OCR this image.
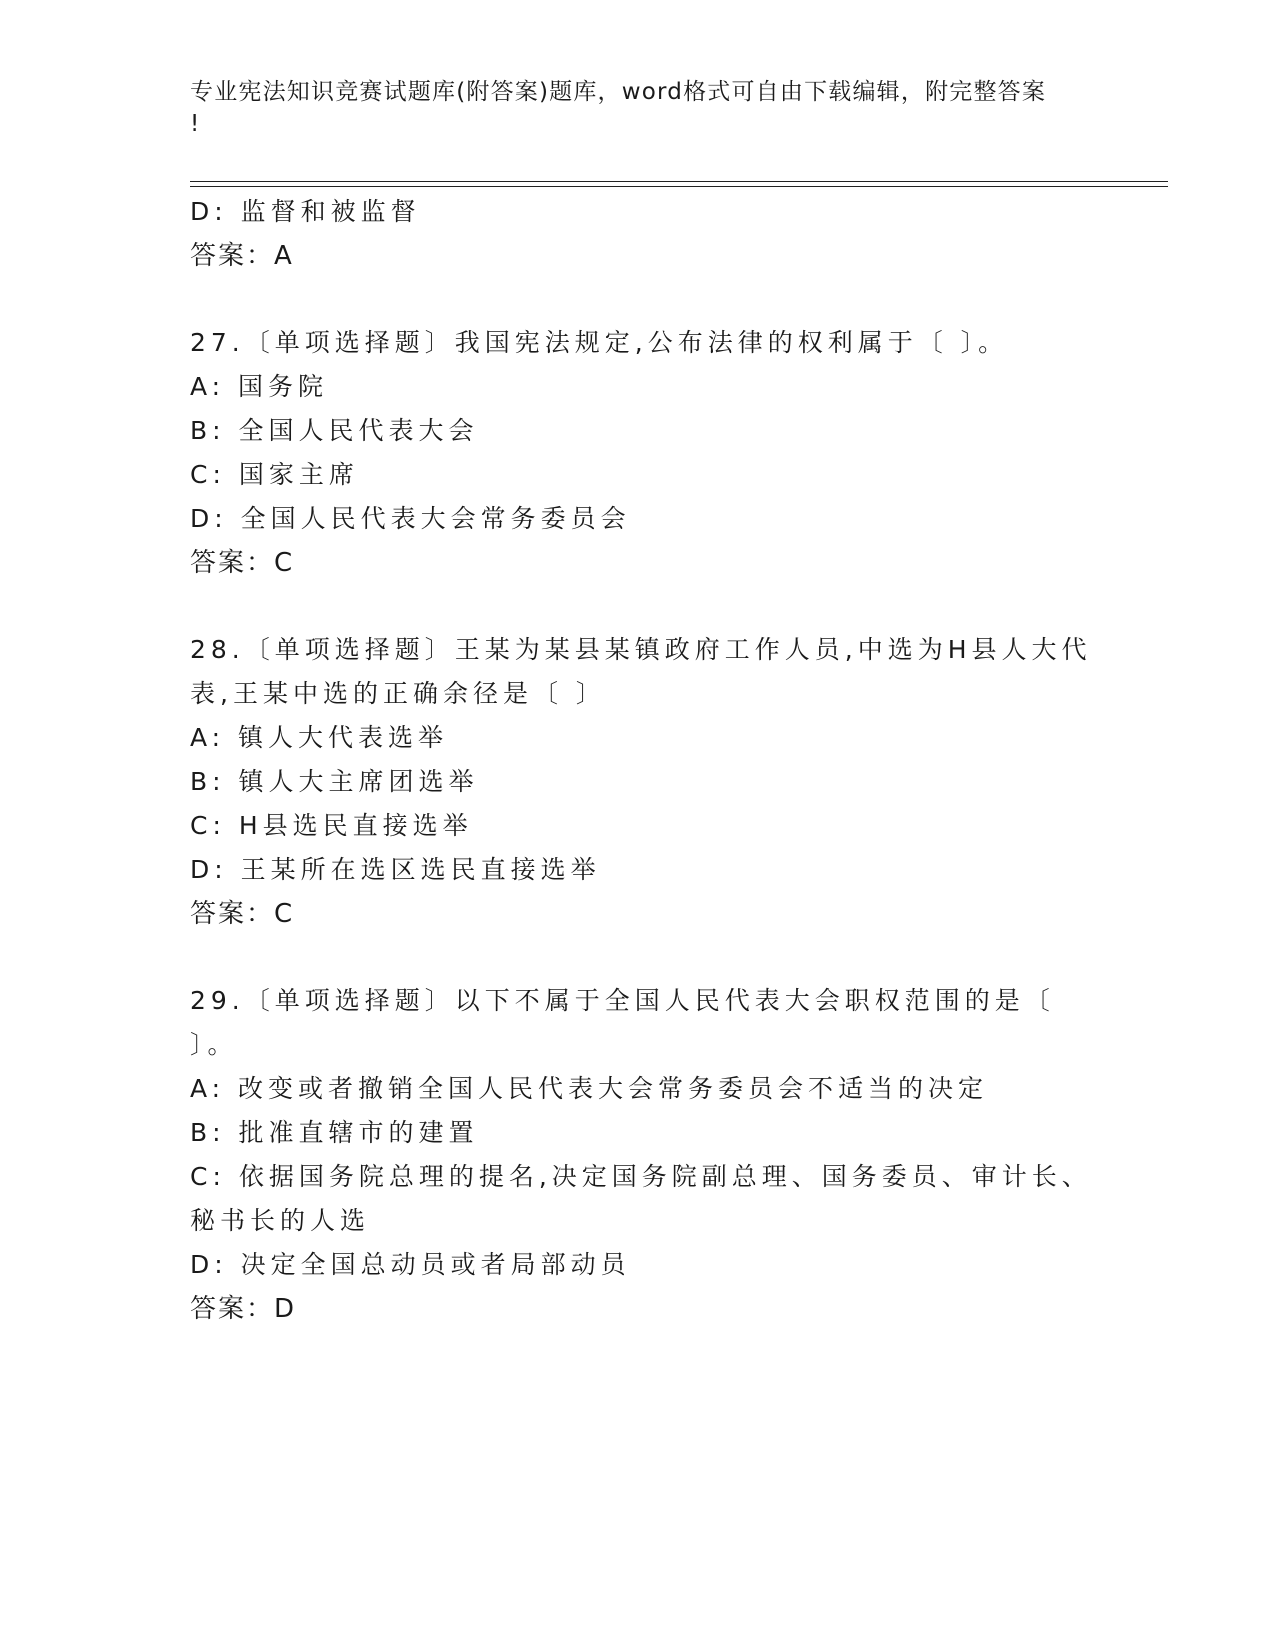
专业宪法知识竞赛试题库(附答案)题库，word格式可自由下载编辑，附完整答案
!
D: 监督和被监督
答案：A
27.〔单项选择题〕我国宪法规定,公布法律的权利属于〔 〕。
A: 国务院
B: 全国人民代表大会
C: 国家主席
D: 全国人民代表大会常务委员会
答案：C
28.〔单项选择题〕王某为某县某镇政府工作人员,中选为H县人大代
表,王某中选的正确余径是〔 〕
A: 镇人大代表选举
B: 镇人大主席团选举
C: H县选民直接选举
D: 王某所在选区选民直接选举
答案：C
29.〔单项选择题〕以下不属于全国人民代表大会职权范围的是〔
〕。
A: 改变或者撤销全国人民代表大会常务委员会不适当的决定
B: 批准直辖市的建置
C: 依据国务院总理的提名,决定国务院副总理、国务委员、审计长、
秘书长的人选
D: 决定全国总动员或者局部动员
答案：D
